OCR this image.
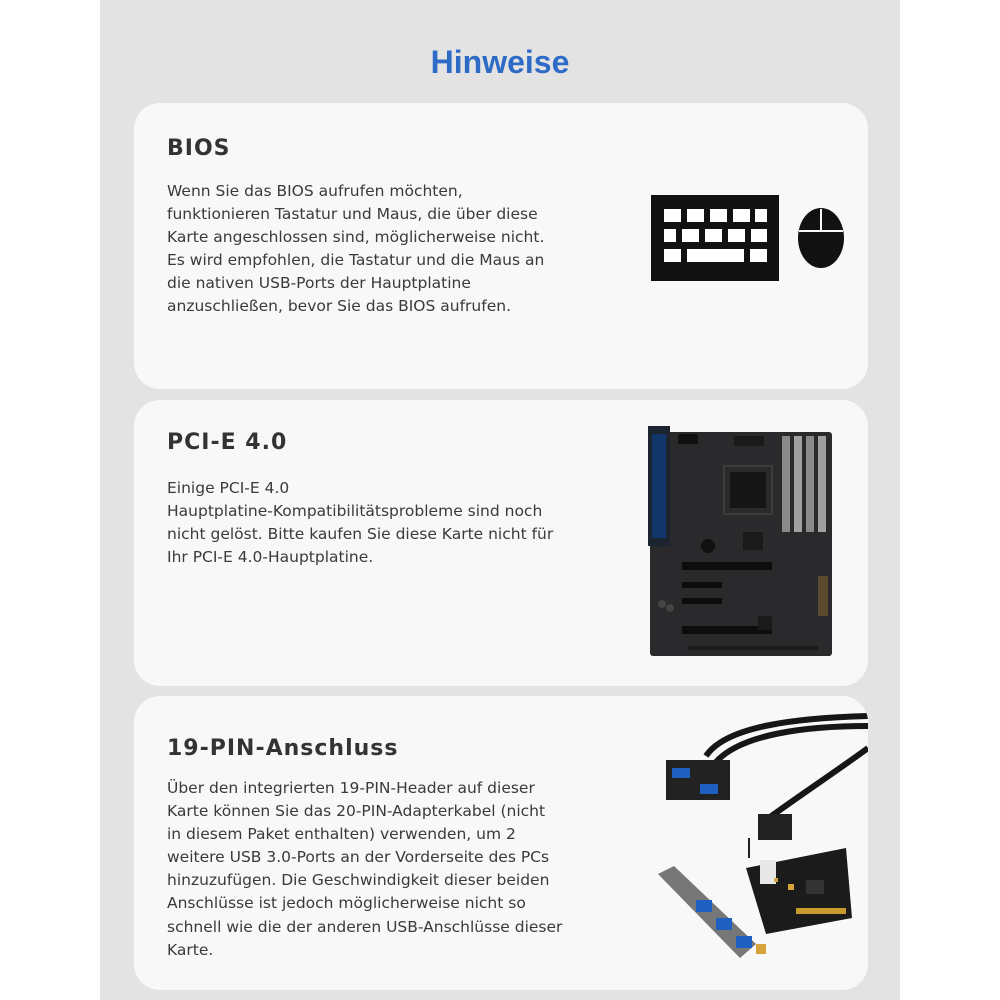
Hinweise
BIOS

Wenn Sie das BIOS aufrufen möchten,
funktionieren Tastatur und Maus, die über diese
Karte angeschlossen sind, möglicherweise nicht.
Es wird empfohlen, die Tastatur und die Maus an
die nativen USB-Ports der Hauptplatine
anzuschließen, bevor Sie das BIOS aufrufen.

PCI-E 4.0

Einige PCI-E 4.0
Hauptplatine-Kompatibilitätsprobleme sind noch
nicht gelöst. Bitte kaufen Sie diese Karte nicht für
Ihr PCI-E 4.0-Hauptplatine.

19-PIN-Anschluss

Über den integrierten 19-PIN-Header auf dieser
Karte können Sie das 20-PIN-Adapterkabel (nicht
in diesem Paket enthalten) verwenden, um 2
weitere USB 3.0-Ports an der Vorderseite des PCs
hinzuzufügen. Die Geschwindigkeit dieser beiden
Anschlüsse ist jedoch möglicherweise nicht so
schnell wie die der anderen USB-Anschlüsse dieser
Karte.
